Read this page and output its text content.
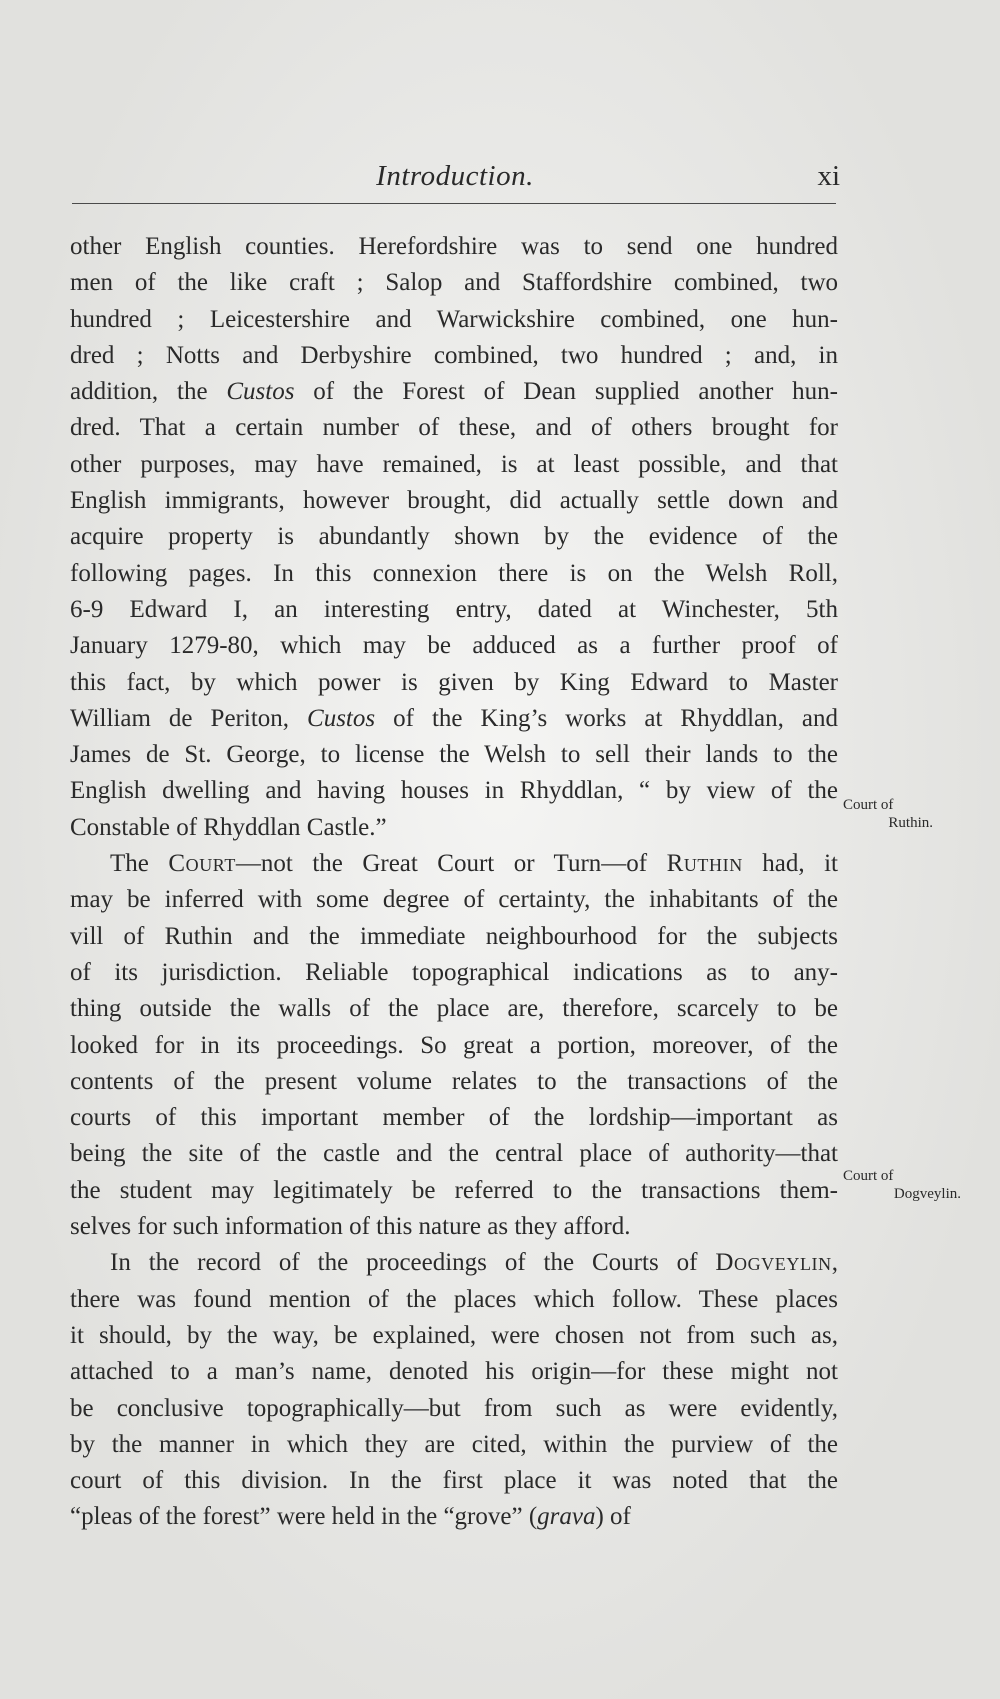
Introduction.	xi
other English counties. Herefordshire was to send one hundred
men of the like craft ; Salop and Staffordshire combined, two
hundred ; Leicestershire and Warwickshire combined, one hun-
dred ; Notts and Derbyshire combined, two hundred ; and, in
addition, the Custos of the Forest of Dean supplied another hun-
dred. That a certain number of these, and of others brought for
other purposes, may have remained, is at least possible, and that
English immigrants, however brought, did actually settle down and
acquire property is abundantly shown by the evidence of the
following pages. In this connexion there is on the Welsh Roll,
6-9 Edward I, an interesting entry, dated at Winchester, 5th
January 1279-80, which may be adduced as a further proof of
this fact, by which power is given by King Edward to Master
William de Periton, Custos of the King’s works at Rhyddlan, and
James de St. George, to license the Welsh to sell their lands to the
English dwelling and having houses in Rhyddlan, “ by view of the
Constable of Rhyddlan Castle.”
The Court—not the Great Court or Turn—of Ruthin had, it
may be inferred with some degree of certainty, the inhabitants of the
vill of Ruthin and the immediate neighbourhood for the subjects
of its jurisdiction. Reliable topographical indications as to any-
thing outside the walls of the place are, therefore, scarcely to be
looked for in its proceedings. So great a portion, moreover, of the
contents of the present volume relates to the transactions of the
courts of this important member of the lordship—important as
being the site of the castle and the central place of authority—that
the student may legitimately be referred to the transactions them-
selves for such information of this nature as they afford.
In the record of the proceedings of the Courts of Dogveylin,
there was found mention of the places which follow. These places
it should, by the way, be explained, were chosen not from such as,
attached to a man’s name, denoted his origin—for these might not
be conclusive topographically—but from such as were evidently,
by the manner in which they are cited, within the purview of the
court of this division. In the first place it was noted that the
“pleas of the forest” were held in the “grove” (grava) of
Court of
Ruthin.
Court of
Dogveylin.
